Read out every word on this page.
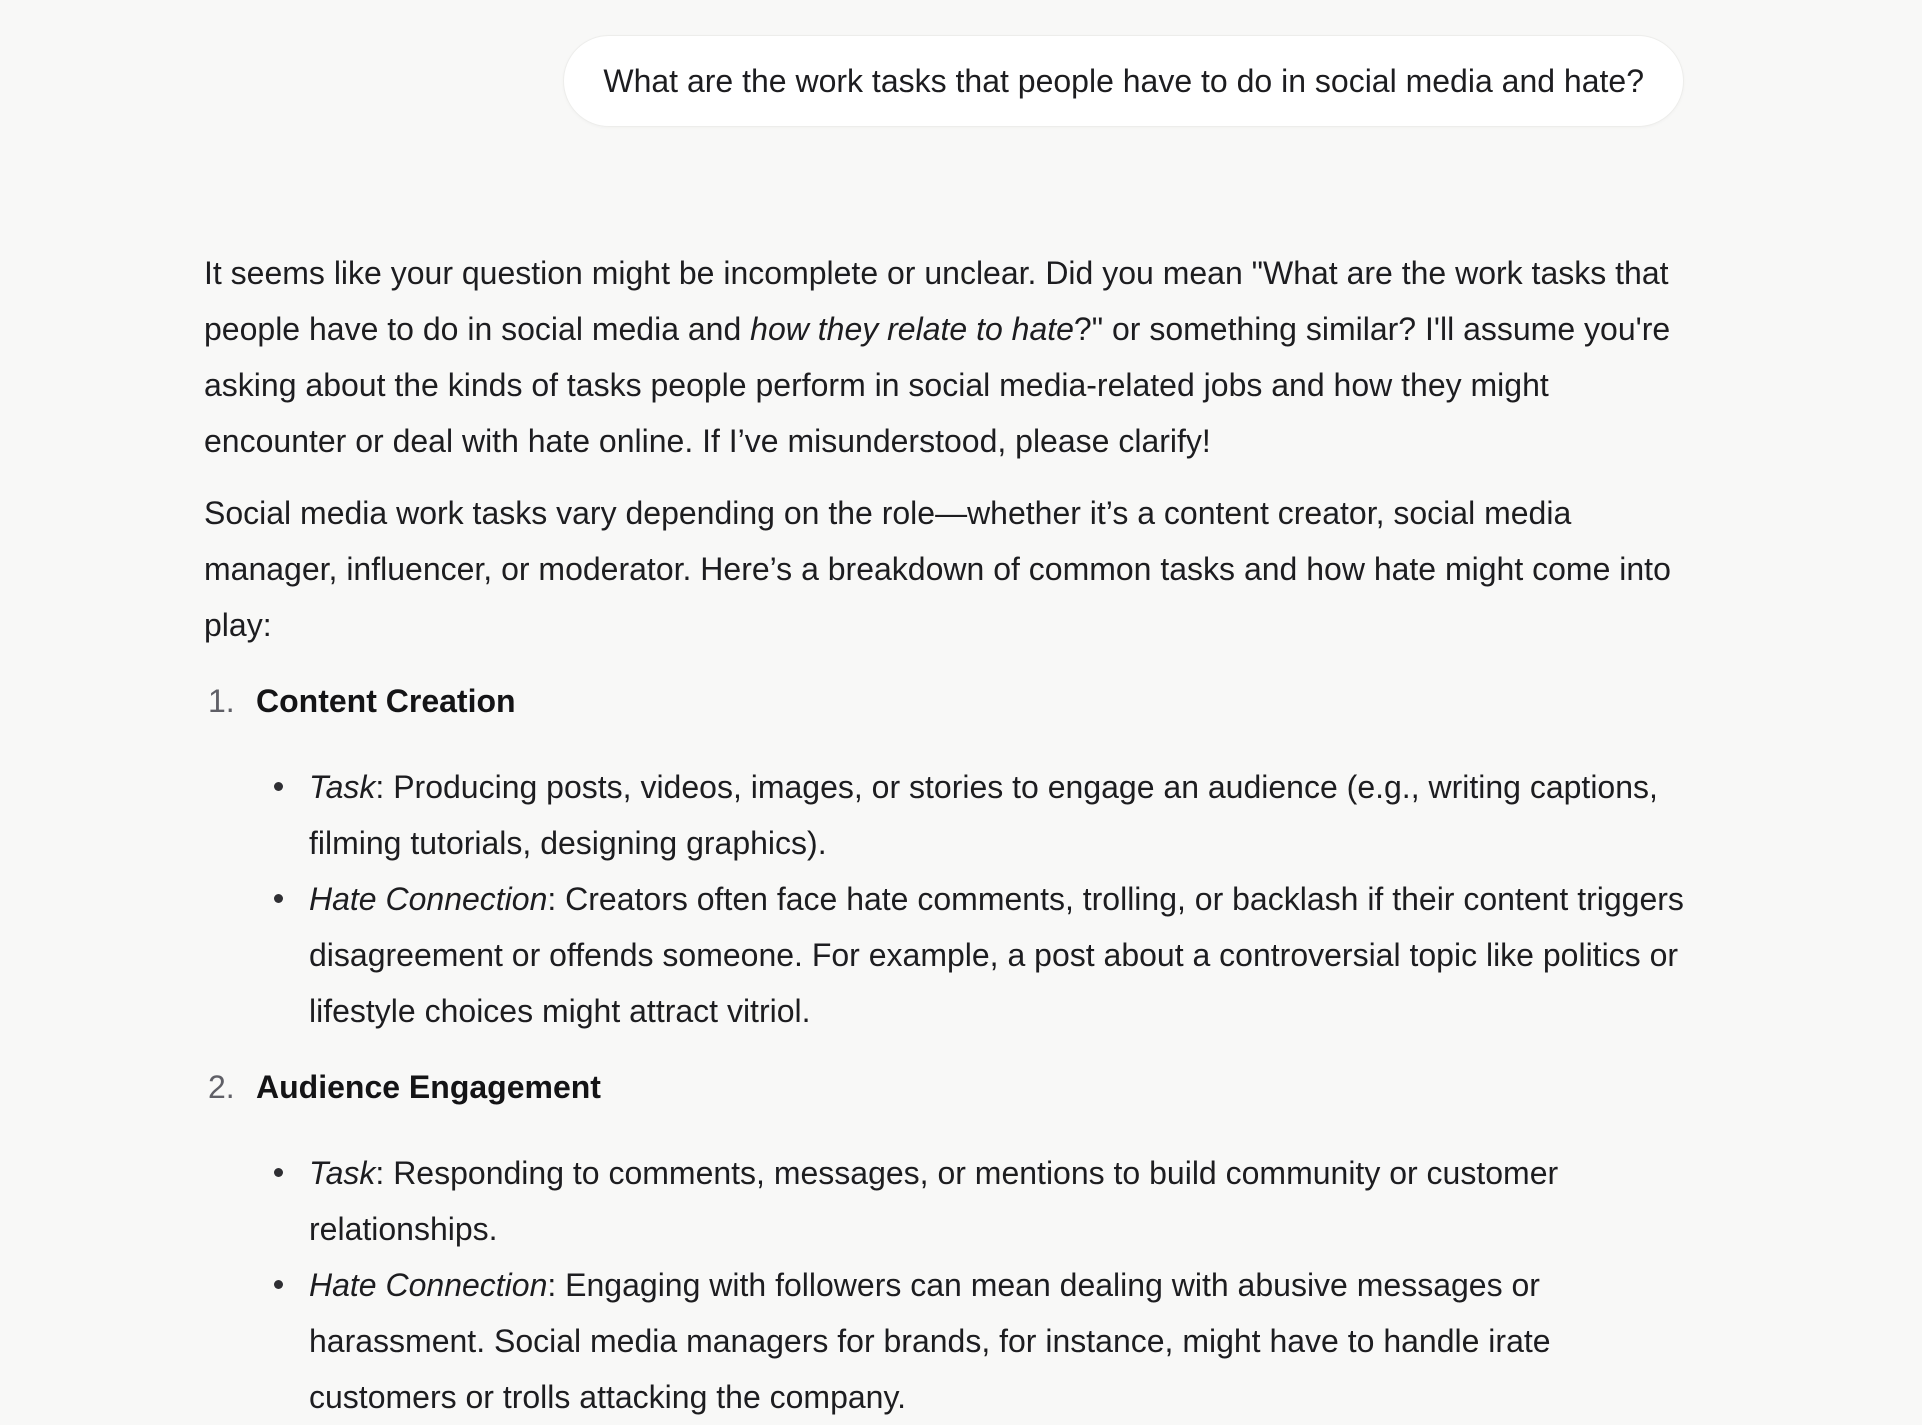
What are the work tasks that people have to do in social media and hate?

It seems like your question might be incomplete or unclear. Did you mean "What are the work tasks that people have to do in social media and how they relate to hate?" or something similar? I'll assume you're asking about the kinds of tasks people perform in social media-related jobs and how they might encounter or deal with hate online. If I’ve misunderstood, please clarify!

Social media work tasks vary depending on the role—whether it’s a content creator, social media manager, influencer, or moderator. Here’s a breakdown of common tasks and how hate might come into play:

1. Content Creation
Task: Producing posts, videos, images, or stories to engage an audience (e.g., writing captions, filming tutorials, designing graphics).
Hate Connection: Creators often face hate comments, trolling, or backlash if their content triggers disagreement or offends someone. For example, a post about a controversial topic like politics or lifestyle choices might attract vitriol.
2. Audience Engagement
Task: Responding to comments, messages, or mentions to build community or customer relationships.
Hate Connection: Engaging with followers can mean dealing with abusive messages or harassment. Social media managers for brands, for instance, might have to handle irate customers or trolls attacking the company.
